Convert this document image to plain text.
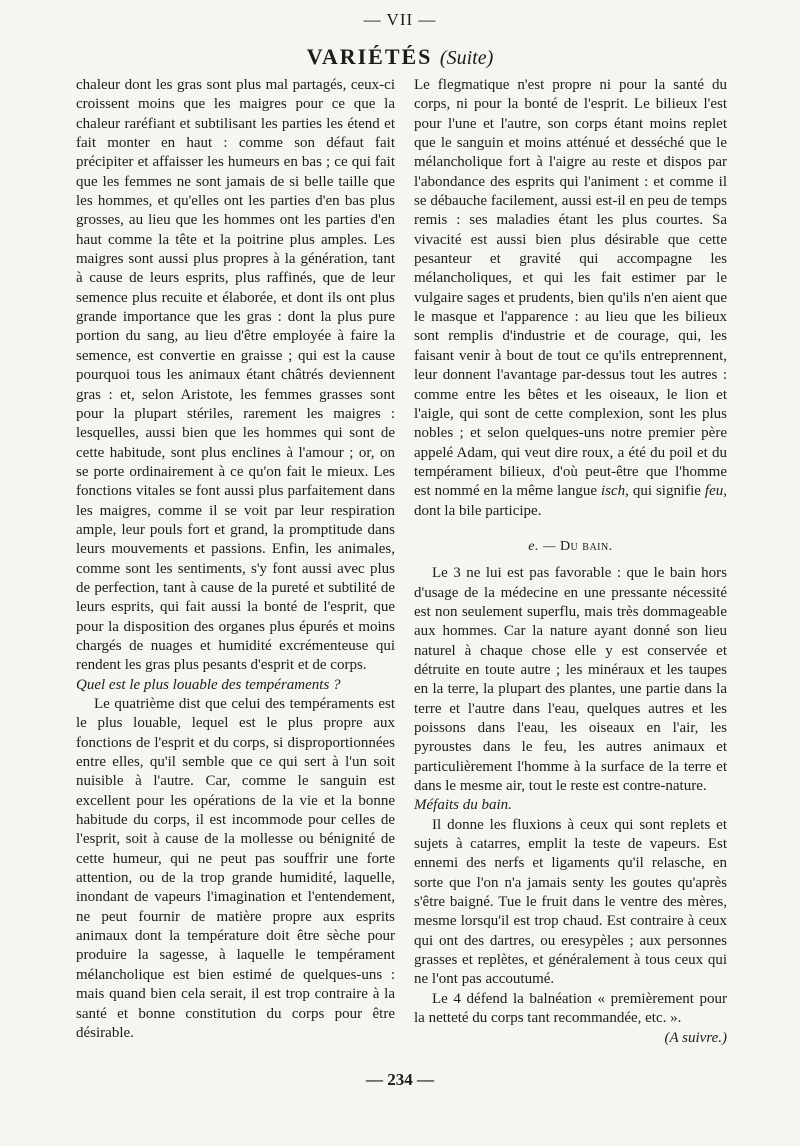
— VII —
VARIÉTÉS (Suite)

chaleur dont les gras sont plus mal partagés, ceux-ci croissent moins que les maigres pour ce que la chaleur raréfiant et subtilisant les parties les étend et fait monter en haut : comme son défaut fait précipiter et affaisser les humeurs en bas ; ce qui fait que les femmes ne sont jamais de si belle taille que les hommes, et qu'elles ont les parties d'en bas plus grosses, au lieu que les hommes ont les parties d'en haut comme la tête et la poitrine plus amples. Les maigres sont aussi plus propres à la génération, tant à cause de leurs esprits, plus raffinés, que de leur semence plus recuite et élaborée, et dont ils ont plus grande importance que les gras : dont la plus pure portion du sang, au lieu d'être employée à faire la semence, est convertie en graisse ; qui est la cause pourquoi tous les animaux étant châtrés deviennent gras : et, selon Aristote, les femmes grasses sont pour la plupart stériles, rarement les maigres : lesquelles, aussi bien que les hommes qui sont de cette habitude, sont plus enclines à l'amour ; or, on se porte ordinairement à ce qu'on fait le mieux. Les fonctions vitales se font aussi plus parfaitement dans les maigres, comme il se voit par leur respiration ample, leur pouls fort et grand, la promptitude dans leurs mouvements et passions. Enfin, les animales, comme sont les sentiments, s'y font aussi avec plus de perfection, tant à cause de la pureté et subtilité de leurs esprits, qui fait aussi la bonté de l'esprit, que pour la disposition des organes plus épurés et moins chargés de nuages et humidité excrémenteuse qui rendent les gras plus pesants d'esprit et de corps.

Quel est le plus louable des tempéraments ?

Le quatrième dist que celui des tempéraments est le plus louable, lequel est le plus propre aux fonctions de l'esprit et du corps, si disproportionnées entre elles, qu'il semble que ce qui sert à l'un soit nuisible à l'autre. Car, comme le sanguin est excellent pour les opérations de la vie et la bonne habitude du corps, il est incommode pour celles de l'esprit, soit à cause de la mollesse ou bénignité de cette humeur, qui ne peut pas souffrir une forte attention, ou de la trop grande humidité, laquelle, inondant de vapeurs l'imagination et l'entendement, ne peut fournir de matière propre aux esprits animaux dont la température doit être sèche pour produire la sagesse, à laquelle le tempérament mélancholique est bien estimé de quelques-uns : mais quand bien cela serait, il est trop contraire à la santé et bonne constitution du corps pour être désirable.

Le flegmatique n'est propre ni pour la santé du corps, ni pour la bonté de l'esprit. Le bilieux l'est pour l'une et l'autre, son corps étant moins replet que le sanguin et moins atténué et desséché que le mélancholique fort à l'aigre au reste et dispos par l'abondance des esprits qui l'animent : et comme il se débauche facilement, aussi est-il en peu de temps remis : ses maladies étant les plus courtes. Sa vivacité est aussi bien plus désirable que cette pesanteur et gravité qui accompagne les mélancholiques, et qui les fait estimer par le vulgaire sages et prudents, bien qu'ils n'en aient que le masque et l'apparence : au lieu que les bilieux sont remplis d'industrie et de courage, qui, les faisant venir à bout de tout ce qu'ils entreprennent, leur donnent l'avantage par-dessus tout les autres : comme entre les bêtes et les oiseaux, le lion et l'aigle, qui sont de cette complexion, sont les plus nobles ; et selon quelques-uns notre premier père appelé Adam, qui veut dire roux, a été du poil et du tempérament bilieux, d'où peut-être que l'homme est nommé en la même langue isch, qui signifie feu, dont la bile participe.

e. — Du bain.

Le 3 ne lui est pas favorable : que le bain hors d'usage de la médecine en une pressante nécessité est non seulement superflu, mais très dommageable aux hommes. Car la nature ayant donné son lieu naturel à chaque chose elle y est conservée et détruite en toute autre ; les minéraux et les taupes en la terre, la plupart des plantes, une partie dans la terre et l'autre dans l'eau, quelques autres et les poissons dans l'eau, les oiseaux en l'air, les pyroustes dans le feu, les autres animaux et particulièrement l'homme à la surface de la terre et dans le mesme air, tout le reste est contre-nature.

Méfaits du bain.

Il donne les fluxions à ceux qui sont replets et sujets à catarres, emplit la teste de vapeurs. Est ennemi des nerfs et ligaments qu'il relasche, en sorte que l'on n'a jamais senty les goutes qu'après s'être baigné. Tue le fruit dans le ventre des mères, mesme lorsqu'il est trop chaud. Est contraire à ceux qui ont des dartres, ou eresypèles ; aux personnes grasses et replètes, et généralement à tous ceux qui ne l'ont pas accoutumé.

Le 4 défend la balnéation « premièrement pour la netteté du corps tant recommandée, etc. ».

(A suivre.)

— 234 —
